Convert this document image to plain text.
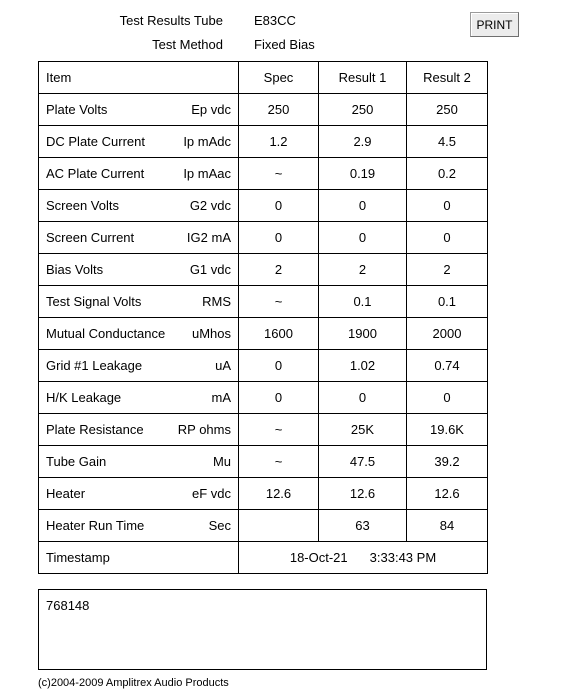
Test Results Tube E83CC
Test Method Fixed Bias
PRINT
Item	Spec	Result 1	Result 2

Plate Volts Ep vdc	250	250	250

DC Plate Current Ip mAdc	1.2	2.9	4.5

AC Plate Current Ip mAac	~	0.19	0.2

Screen Volts G2 vdc	0	0	0

Screen Current IG2 mA	0	0	0

Bias Volts G1 vdc	2	2	2

Test Signal Volts RMS	~	0.1	0.1

Mutual Conductance uMhos	1600	1900	2000

Grid #1 Leakage uA	0	1.02	0.74

H/K Leakage mA	0	0	0

Plate Resistance RP ohms	~	25K	19.6K

Tube Gain Mu	~	47.5	39.2

Heater eF vdc	12.6	12.6	12.6

Heater Run Time Sec		63	84
Timestamp	18-Oct-21 3:33:43 PM		
768148
(c)2004-2009 Amplitrex Audio Products
